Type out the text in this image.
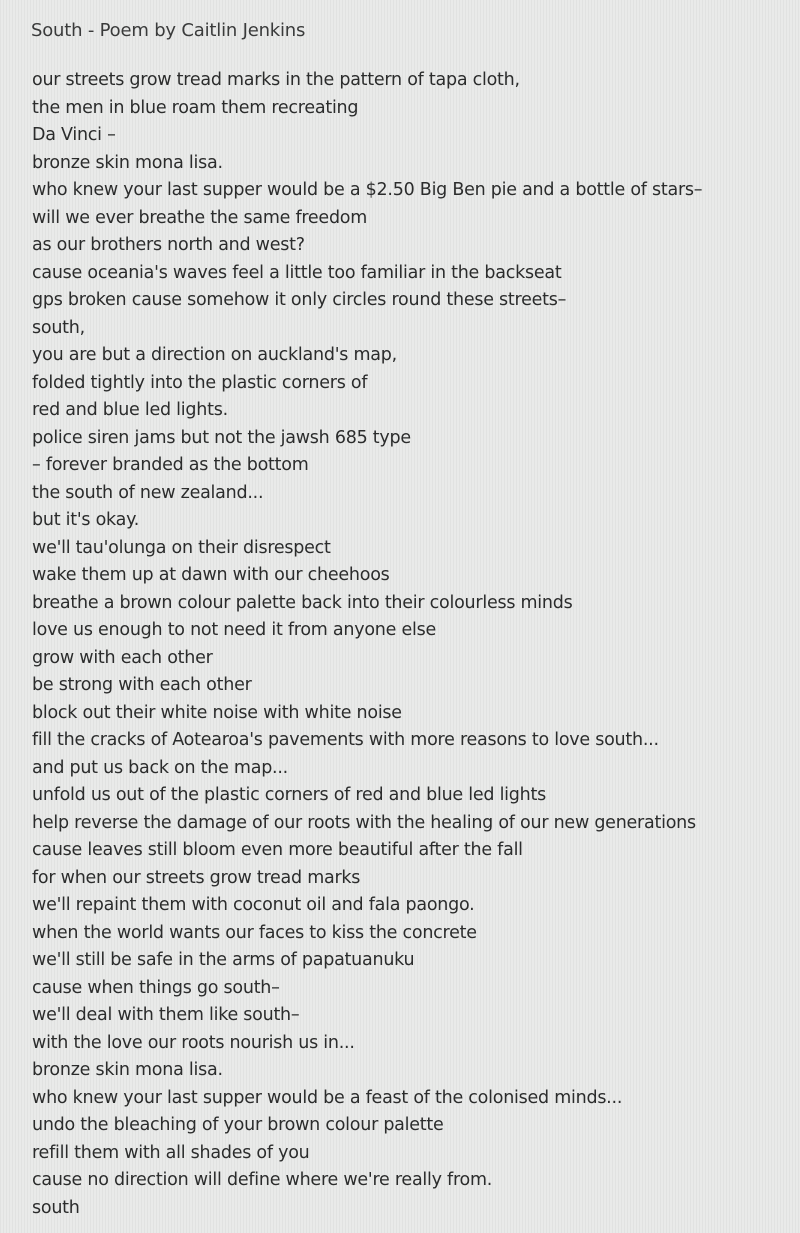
South - Poem by Caitlin Jenkins
our streets grow tread marks in the pattern of tapa cloth,
the men in blue roam them recreating
Da Vinci –
bronze skin mona lisa.
who knew your last supper would be a $2.50 Big Ben pie and a bottle of stars–
will we ever breathe the same freedom
as our brothers north and west?
cause oceania's waves feel a little too familiar in the backseat
gps broken cause somehow it only circles round these streets–
south,
you are but a direction on auckland's map,
folded tightly into the plastic corners of
red and blue led lights.
police siren jams but not the jawsh 685 type
– forever branded as the bottom
the south of new zealand...
but it's okay.
we'll tau'olunga on their disrespect
wake them up at dawn with our cheehoos
breathe a brown colour palette back into their colourless minds
love us enough to not need it from anyone else
grow with each other
be strong with each other
block out their white noise with white noise
fill the cracks of Aotearoa's pavements with more reasons to love south...
and put us back on the map...
unfold us out of the plastic corners of red and blue led lights
help reverse the damage of our roots with the healing of our new generations
cause leaves still bloom even more beautiful after the fall
for when our streets grow tread marks
we'll repaint them with coconut oil and fala paongo.
when the world wants our faces to kiss the concrete
we'll still be safe in the arms of papatuanuku
cause when things go south–
we'll deal with them like south–
with the love our roots nourish us in...
bronze skin mona lisa.
who knew your last supper would be a feast of the colonised minds...
undo the bleaching of your brown colour palette
refill them with all shades of you
cause no direction will define where we're really from.
south
